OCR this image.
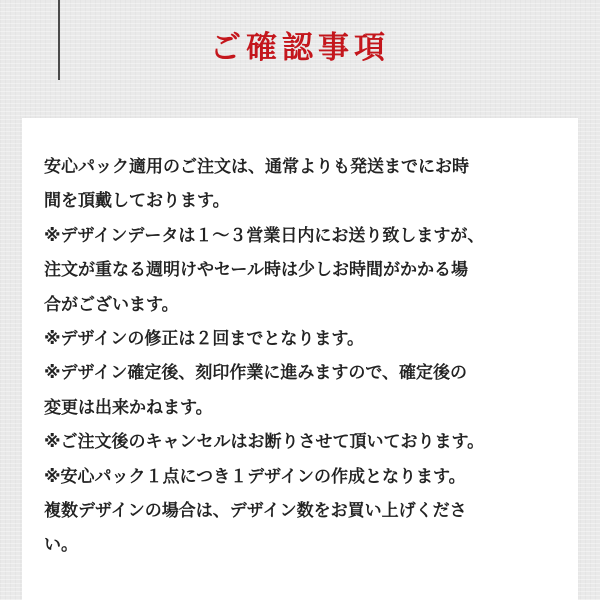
ご確認事項
安心パック適用のご注文は、通常よりも発送までにお時
間を頂戴しております。
※デザインデータは１～３営業日内にお送り致しますが、
注文が重なる週明けやセール時は少しお時間がかかる場
合がございます。
※デザインの修正は２回までとなります。
※デザイン確定後、刻印作業に進みますので、確定後の
変更は出来かねます。
※ご注文後のキャンセルはお断りさせて頂いております。
※安心パック１点につき１デザインの作成となります。
複数デザインの場合は、デザイン数をお買い上げくださ
い。
